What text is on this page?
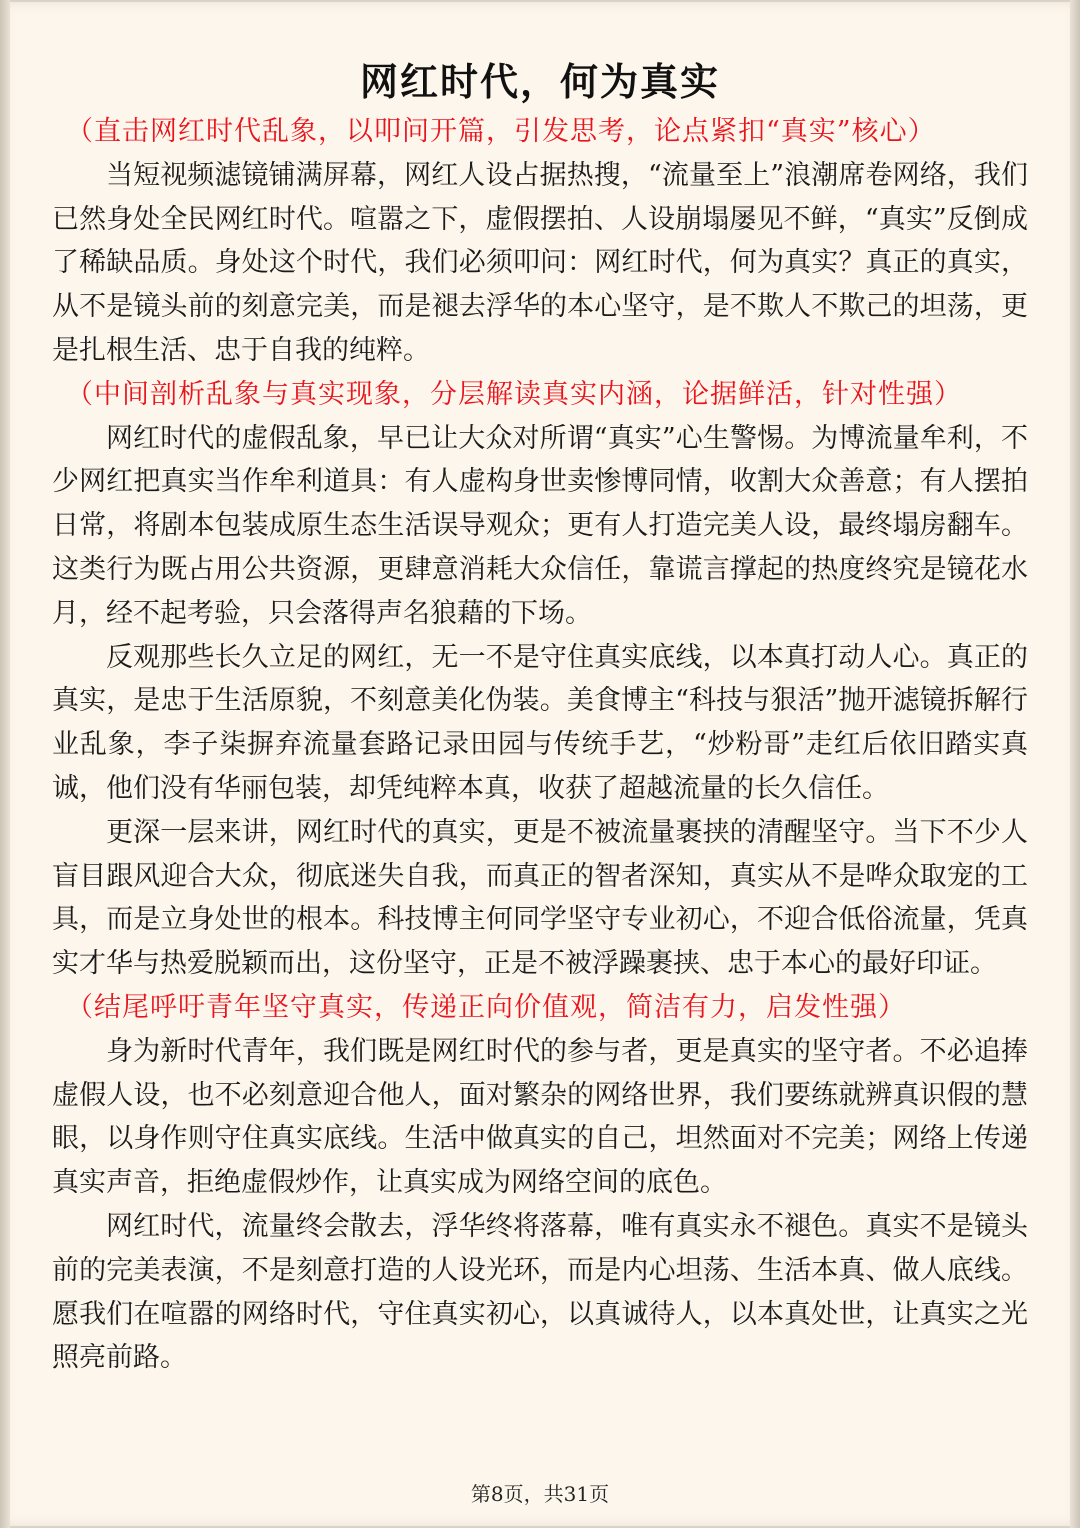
网红时代，何为真实

（直击网红时代乱象，以叩问开篇，引发思考，论点紧扣“真实”核心）

当短视频滤镜铺满屏幕，网红人设占据热搜，“流量至上”浪潮席卷网络，我们已然身处全民网红时代。喧嚣之下，虚假摆拍、人设崩塌屡见不鲜，“真实”反倒成了稀缺品质。身处这个时代，我们必须叩问：网红时代，何为真实？真正的真实，从不是镜头前的刻意完美，而是褪去浮华的本心坚守，是不欺人不欺己的坦荡，更是扎根生活、忠于自我的纯粹。

（中间剖析乱象与真实现象，分层解读真实内涵，论据鲜活，针对性强）

网红时代的虚假乱象，早已让大众对所谓“真实”心生警惕。为博流量牟利，不少网红把真实当作牟利道具：有人虚构身世卖惨博同情，收割大众善意；有人摆拍日常，将剧本包装成原生态生活误导观众；更有人打造完美人设，最终塌房翻车。这类行为既占用公共资源，更肆意消耗大众信任，靠谎言撑起的热度终究是镜花水月，经不起考验，只会落得声名狼藉的下场。

反观那些长久立足的网红，无一不是守住真实底线，以本真打动人心。真正的真实，是忠于生活原貌，不刻意美化伪装。美食博主“科技与狠活”抛开滤镜拆解行业乱象，李子柒摒弃流量套路记录田园与传统手艺，“炒粉哥”走红后依旧踏实真诚，他们没有华丽包装，却凭纯粹本真，收获了超越流量的长久信任。

更深一层来讲，网红时代的真实，更是不被流量裹挟的清醒坚守。当下不少人盲目跟风迎合大众，彻底迷失自我，而真正的智者深知，真实从不是哗众取宠的工具，而是立身处世的根本。科技博主何同学坚守专业初心，不迎合低俗流量，凭真实才华与热爱脱颖而出，这份坚守，正是不被浮躁裹挟、忠于本心的最好印证。

（结尾呼吁青年坚守真实，传递正向价值观，简洁有力，启发性强）

身为新时代青年，我们既是网红时代的参与者，更是真实的坚守者。不必追捧虚假人设，也不必刻意迎合他人，面对繁杂的网络世界，我们要练就辨真识假的慧眼，以身作则守住真实底线。生活中做真实的自己，坦然面对不完美；网络上传递真实声音，拒绝虚假炒作，让真实成为网络空间的底色。

网红时代，流量终会散去，浮华终将落幕，唯有真实永不褪色。真实不是镜头前的完美表演，不是刻意打造的人设光环，而是内心坦荡、生活本真、做人底线。愿我们在喧嚣的网络时代，守住真实初心，以真诚待人，以本真处世，让真实之光照亮前路。

第8页，共31页
